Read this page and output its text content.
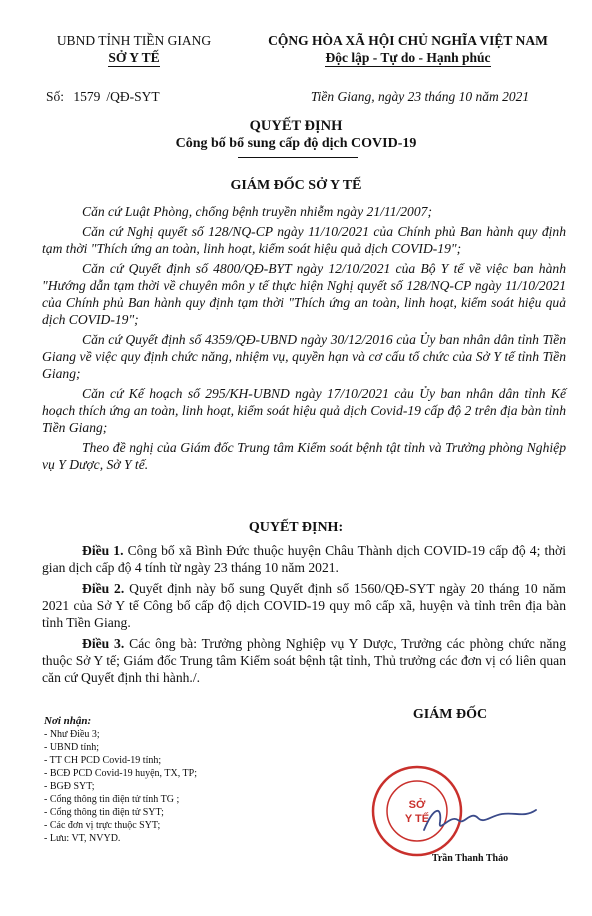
UBND TỈNH TIỀN GIANG
SỞ Y TẾ
CỘNG HÒA XÃ HỘI CHỦ NGHĨA VIỆT NAM
Độc lập - Tự do - Hạnh phúc
Số: 1579 /QĐ-SYT	Tiền Giang, ngày 23 tháng 10 năm 2021
QUYẾT ĐỊNH
Công bố bổ sung cấp độ dịch COVID-19
GIÁM ĐỐC SỞ Y TẾ

Căn cứ Luật Phòng, chống bệnh truyền nhiễm ngày 21/11/2007;

Căn cứ Nghị quyết số 128/NQ-CP ngày 11/10/2021 của Chính phủ Ban hành quy định tạm thời "Thích ứng an toàn, linh hoạt, kiểm soát hiệu quả dịch COVID-19";

Căn cứ Quyết định số 4800/QĐ-BYT ngày 12/10/2021 của Bộ Y tế về việc ban hành "Hướng dẫn tạm thời về chuyên môn y tế thực hiện Nghị quyết số 128/NQ-CP ngày 11/10/2021 của Chính phủ Ban hành quy định tạm thời "Thích ứng an toàn, linh hoạt, kiểm soát hiệu quả dịch COVID-19";

Căn cứ Quyết định số 4359/QĐ-UBND ngày 30/12/2016 của Ủy ban nhân dân tỉnh Tiền Giang về việc quy định chức năng, nhiệm vụ, quyền hạn và cơ cấu tổ chức của Sở Y tế tỉnh Tiền Giang;

Căn cứ Kế hoạch số 295/KH-UBND ngày 17/10/2021 cảu Ủy ban nhân dân tỉnh Kế hoạch thích ứng an toàn, linh hoạt, kiểm soát hiệu quả dịch Covid-19 cấp độ 2 trên địa bàn tỉnh Tiền Giang;

Theo đề nghị của Giám đốc Trung tâm Kiểm soát bệnh tật tỉnh và Trưởng phòng Nghiệp vụ Y Dược, Sở Y tế.

QUYẾT ĐỊNH:

Điều 1. Công bố xã Bình Đức thuộc huyện Châu Thành dịch COVID-19 cấp độ 4; thời gian dịch cấp độ 4 tính từ ngày 23 tháng 10 năm 2021.

Điều 2. Quyết định này bổ sung Quyết định số 1560/QĐ-SYT ngày 20 tháng 10 năm 2021 của Sở Y tế Công bố cấp độ dịch COVID-19 quy mô cấp xã, huyện và tỉnh trên địa bàn tỉnh Tiền Giang.

Điều 3. Các ông bà: Trưởng phòng Nghiệp vụ Y Dược, Trưởng các phòng chức năng thuộc Sở Y tế; Giám đốc Trung tâm Kiểm soát bệnh tật tỉnh, Thủ trưởng các đơn vị có liên quan căn cứ Quyết định thi hành./.

Nơi nhận:
- Như Điều 3;
- UBND tỉnh;
- TT CH PCD Covid-19 tỉnh;
- BCĐ PCD Covid-19 huyện, TX, TP;
- BGĐ SYT;
- Cổng thông tin điện tử tỉnh TG ;
- Cổng thông tin điện tử SYT;
- Các đơn vị trực thuộc SYT;
- Lưu: VT, NVYD.
GIÁM ĐỐC
SỞ
Y TẾ
Trần Thanh Thảo
